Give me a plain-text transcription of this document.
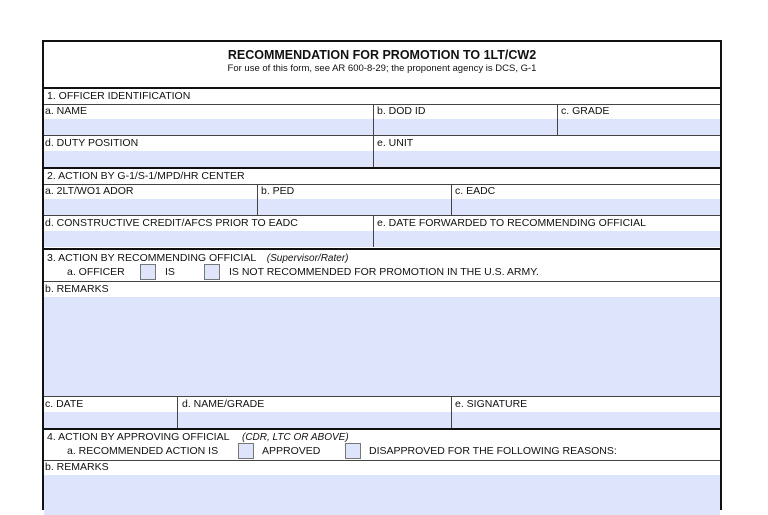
RECOMMENDATION FOR PROMOTION TO 1LT/CW2
For use of this form, see AR 600-8-29; the proponent agency is DCS, G-1
1. OFFICER IDENTIFICATION
a. NAME	b. DOD ID	c. GRADE
d. DUTY POSITION	e. UNIT
2. ACTION BY G-1/S-1/MPD/HR CENTER
a. 2LT/WO1 ADOR	b. PED	c. EADC
d. CONSTRUCTIVE CREDIT/AFCS PRIOR TO EADC	e. DATE FORWARDED TO RECOMMENDING OFFICIAL
3. ACTION BY RECOMMENDING OFFICIAL (Supervisor/Rater)
a. OFFICER	IS	IS NOT RECOMMENDED FOR PROMOTION IN THE U.S. ARMY.
b. REMARKS
c. DATE	d. NAME/GRADE	e. SIGNATURE
4. ACTION BY APPROVING OFFICIAL (CDR, LTC OR ABOVE)
a. RECOMMENDED ACTION IS	APPROVED	DISAPPROVED FOR THE FOLLOWING REASONS:
b. REMARKS
